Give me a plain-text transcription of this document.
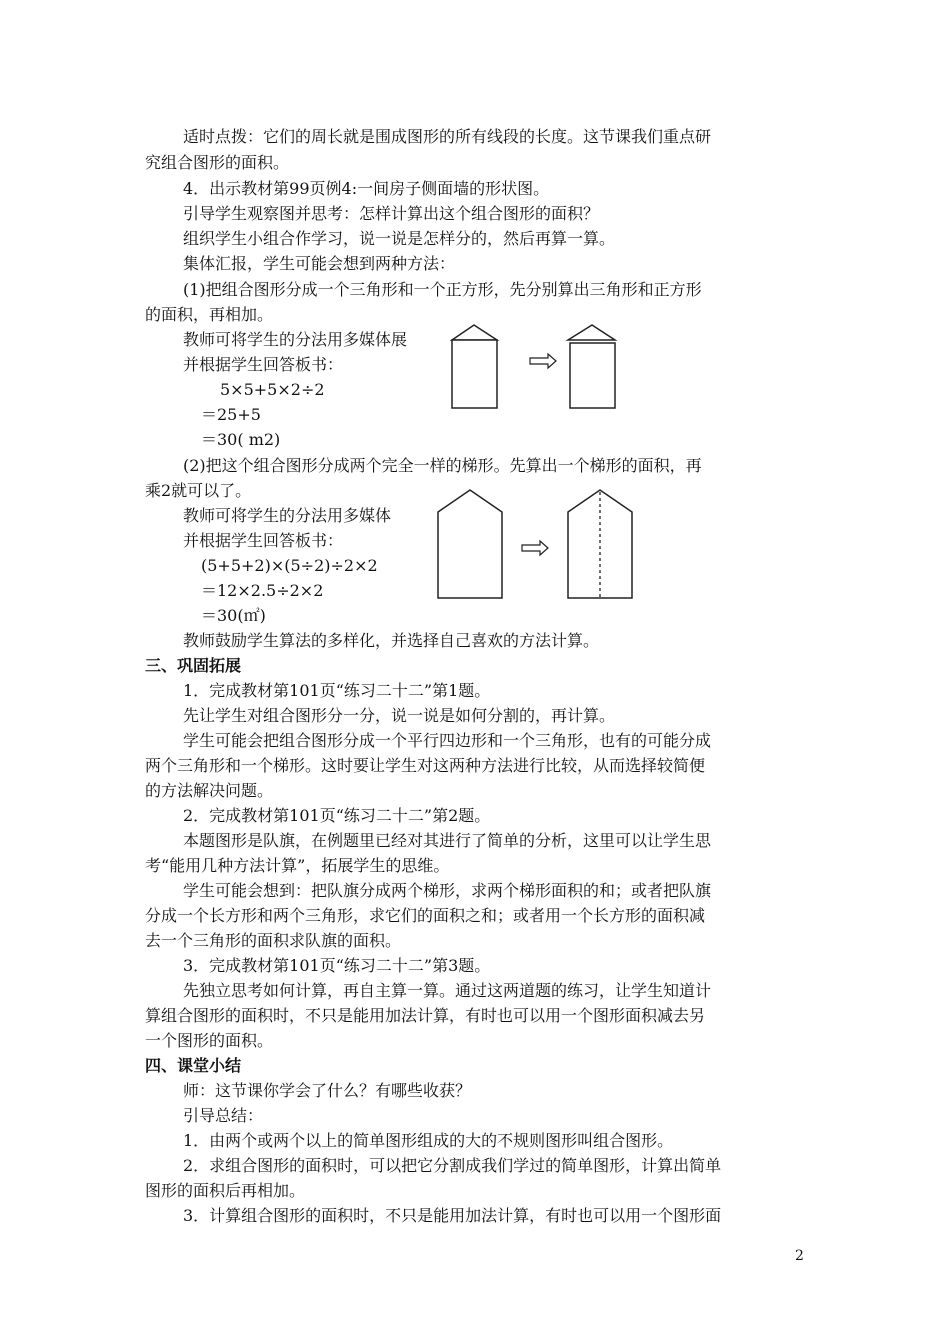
适时点拨：它们的周长就是围成图形的所有线段的长度。这节课我们重点研
究组合图形的面积。
4．出示教材第99页例4:一间房子侧面墙的形状图。
引导学生观察图并思考：怎样计算出这个组合图形的面积？
组织学生小组合作学习，说一说是怎样分的，然后再算一算。
集体汇报，学生可能会想到两种方法：
(1)把组合图形分成一个三角形和一个正方形，先分别算出三角形和正方形
的面积，再相加。
教师可将学生的分法用多媒体展
并根据学生回答板书：
5×5+5×2÷2
＝25+5
＝30( m2)
(2)把这个组合图形分成两个完全一样的梯形。先算出一个梯形的面积，再
乘2就可以了。
教师可将学生的分法用多媒体
并根据学生回答板书：
(5+5+2)×(5÷2)÷2×2
＝12×2.5÷2×2
＝30(㎡)
教师鼓励学生算法的多样化，并选择自己喜欢的方法计算。
三、巩固拓展
1．完成教材第101页“练习二十二”第1题。
先让学生对组合图形分一分，说一说是如何分割的，再计算。
学生可能会把组合图形分成一个平行四边形和一个三角形，也有的可能分成
两个三角形和一个梯形。这时要让学生对这两种方法进行比较，从而选择较简便
的方法解决问题。
2．完成教材第101页“练习二十二”第2题。
本题图形是队旗，在例题里已经对其进行了简单的分析，这里可以让学生思
考“能用几种方法计算”，拓展学生的思维。
学生可能会想到：把队旗分成两个梯形，求两个梯形面积的和；或者把队旗
分成一个长方形和两个三角形，求它们的面积之和；或者用一个长方形的面积减
去一个三角形的面积求队旗的面积。
3．完成教材第101页“练习二十二”第3题。
先独立思考如何计算，再自主算一算。通过这两道题的练习，让学生知道计
算组合图形的面积时，不只是能用加法计算，有时也可以用一个图形面积减去另
一个图形的面积。
四、课堂小结
师：这节课你学会了什么？有哪些收获？
引导总结：
1．由两个或两个以上的简单图形组成的大的不规则图形叫组合图形。
2．求组合图形的面积时，可以把它分割成我们学过的简单图形，计算出简单
图形的面积后再相加。
3．计算组合图形的面积时，不只是能用加法计算，有时也可以用一个图形面
2
